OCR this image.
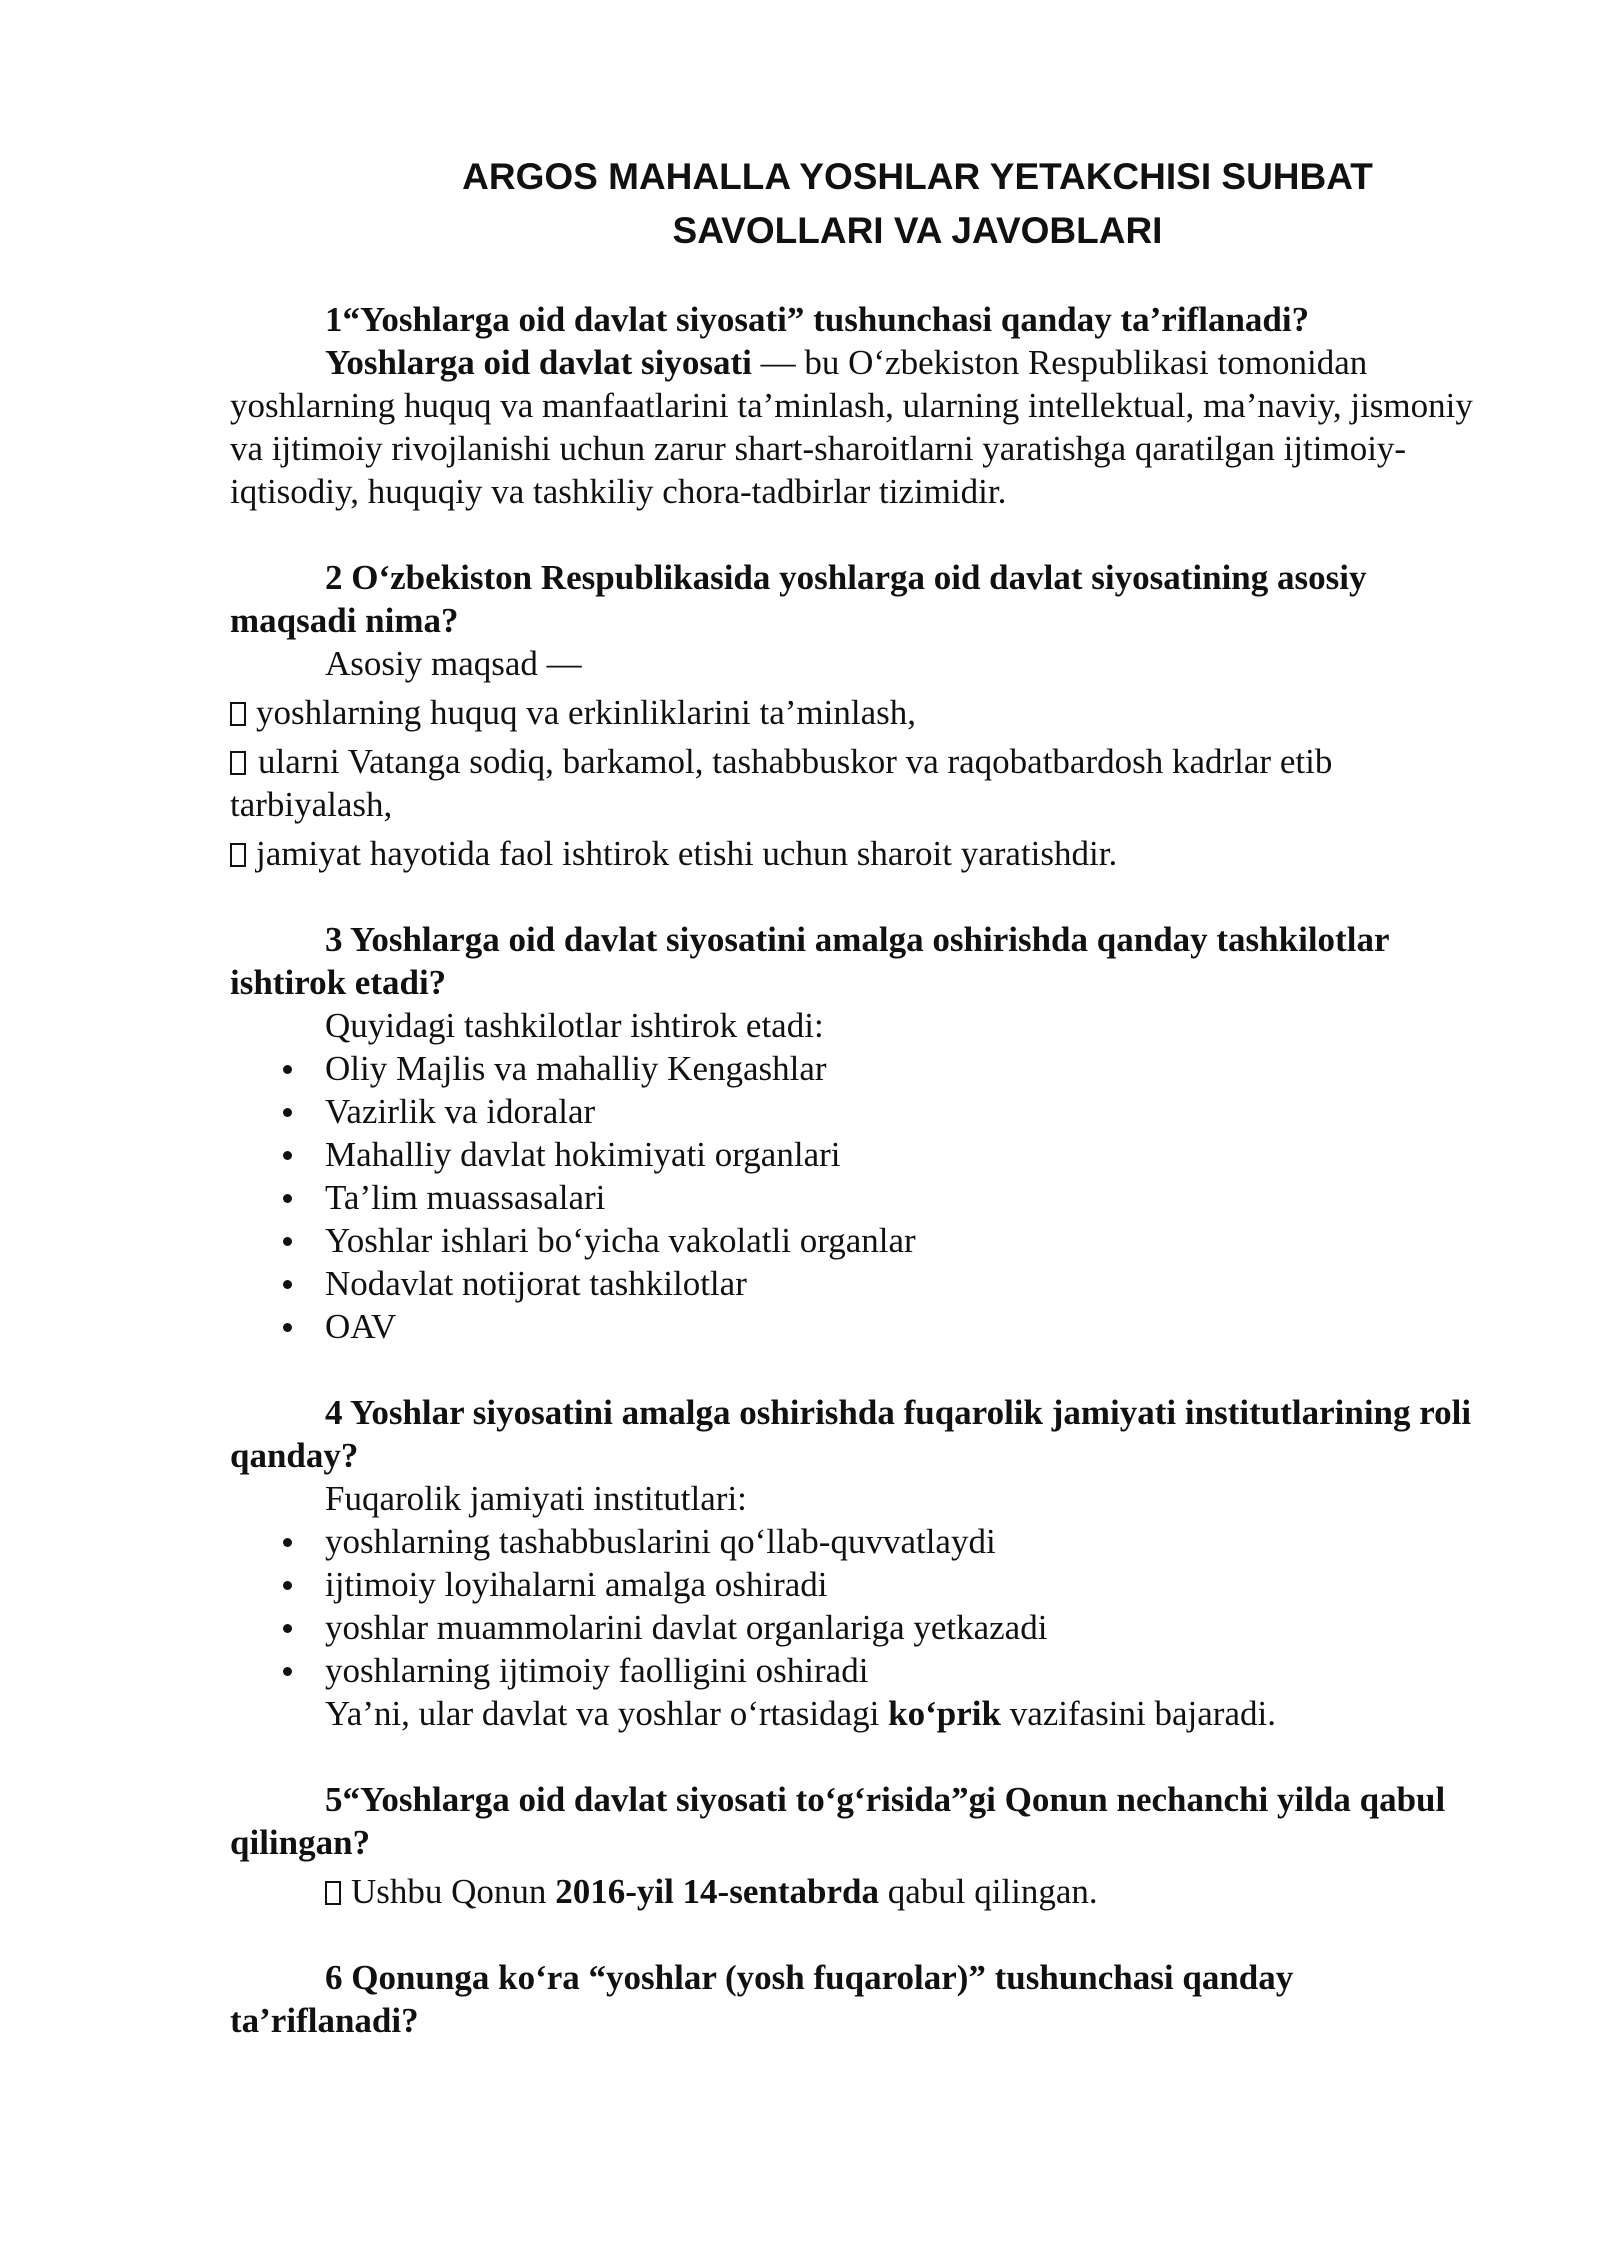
ARGOS MAHALLA YOSHLAR YETAKCHISI SUHBAT
SAVOLLARI VA JAVOBLARI

1“Yoshlarga oid davlat siyosati” tushunchasi qanday ta’riflanadi?

Yoshlarga oid davlat siyosati — bu O‘zbekiston Respublikasi tomonidan yoshlarning huquq va manfaatlarini ta’minlash, ularning intellektual, ma’naviy, jismoniy va ijtimoiy rivojlanishi uchun zarur shart-sharoitlarni yaratishga qaratilgan ijtimoiy-iqtisodiy, huquqiy va tashkiliy chora-tadbirlar tizimidir.

2 O‘zbekiston Respublikasida yoshlarga oid davlat siyosatining asosiy maqsadi nima?

Asosiy maqsad —

yoshlarning huquq va erkinliklarini ta’minlash,

ularni Vatanga sodiq, barkamol, tashabbuskor va raqobatbardosh kadrlar etib tarbiyalash,

jamiyat hayotida faol ishtirok etishi uchun sharoit yaratishdir.

3 Yoshlarga oid davlat siyosatini amalga oshirishda qanday tashkilotlar ishtirok etadi?

Quyidagi tashkilotlar ishtirok etadi:

Oliy Majlis va mahalliy Kengashlar
Vazirlik va idoralar
Mahalliy davlat hokimiyati organlari
Ta’lim muassasalari
Yoshlar ishlari bo‘yicha vakolatli organlar
Nodavlat notijorat tashkilotlar
OAV

4 Yoshlar siyosatini amalga oshirishda fuqarolik jamiyati institutlarining roli qanday?

Fuqarolik jamiyati institutlari:

yoshlarning tashabbuslarini qo‘llab-quvvatlaydi
ijtimoiy loyihalarni amalga oshiradi
yoshlar muammolarini davlat organlariga yetkazadi
yoshlarning ijtimoiy faolligini oshiradi

Ya’ni, ular davlat va yoshlar o‘rtasidagi ko‘prik vazifasini bajaradi.

5“Yoshlarga oid davlat siyosati to‘g‘risida”gi Qonun nechanchi yilda qabul qilingan?

Ushbu Qonun 2016-yil 14-sentabrda qabul qilingan.

6 Qonunga ko‘ra “yoshlar (yosh fuqarolar)” tushunchasi qanday ta’riflanadi?
